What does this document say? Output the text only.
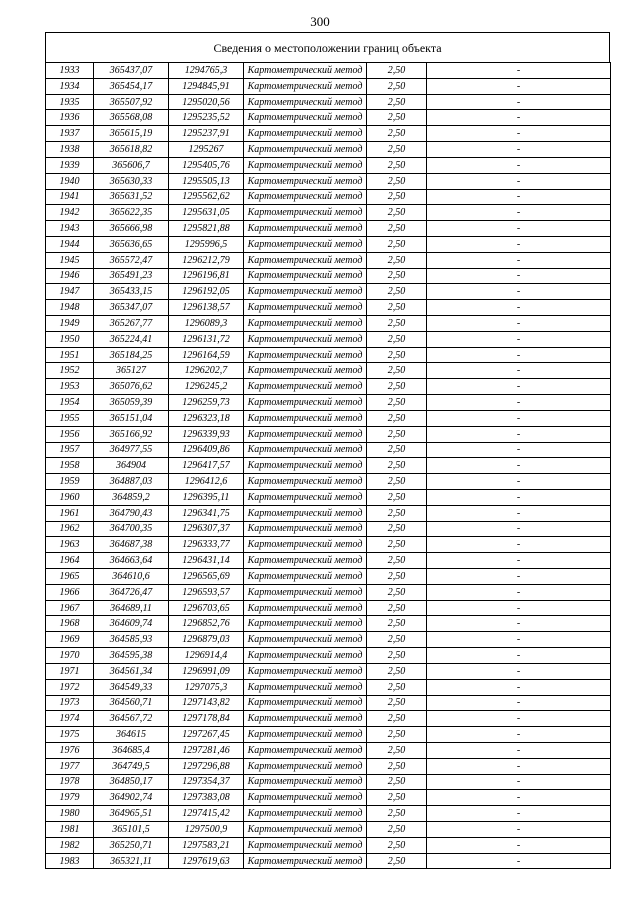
300
Сведения о местоположении границ объекта
1933	365437,07	1294765,3	Картометрический метод	2,50	-
1934	365454,17	1294845,91	Картометрический метод	2,50	-
1935	365507,92	1295020,56	Картометрический метод	2,50	-
1936	365568,08	1295235,52	Картометрический метод	2,50	-
1937	365615,19	1295237,91	Картометрический метод	2,50	-
1938	365618,82	1295267	Картометрический метод	2,50	-
1939	365606,7	1295405,76	Картометрический метод	2,50	-
1940	365630,33	1295505,13	Картометрический метод	2,50	-
1941	365631,52	1295562,62	Картометрический метод	2,50	-
1942	365622,35	1295631,05	Картометрический метод	2,50	-
1943	365666,98	1295821,88	Картометрический метод	2,50	-
1944	365636,65	1295996,5	Картометрический метод	2,50	-
1945	365572,47	1296212,79	Картометрический метод	2,50	-
1946	365491,23	1296196,81	Картометрический метод	2,50	-
1947	365433,15	1296192,05	Картометрический метод	2,50	-
1948	365347,07	1296138,57	Картометрический метод	2,50	-
1949	365267,77	1296089,3	Картометрический метод	2,50	-
1950	365224,41	1296131,72	Картометрический метод	2,50	-
1951	365184,25	1296164,59	Картометрический метод	2,50	-
1952	365127	1296202,7	Картометрический метод	2,50	-
1953	365076,62	1296245,2	Картометрический метод	2,50	-
1954	365059,39	1296259,73	Картометрический метод	2,50	-
1955	365151,04	1296323,18	Картометрический метод	2,50	-
1956	365166,92	1296339,93	Картометрический метод	2,50	-
1957	364977,55	1296409,86	Картометрический метод	2,50	-
1958	364904	1296417,57	Картометрический метод	2,50	-
1959	364887,03	1296412,6	Картометрический метод	2,50	-
1960	364859,2	1296395,11	Картометрический метод	2,50	-
1961	364790,43	1296341,75	Картометрический метод	2,50	-
1962	364700,35	1296307,37	Картометрический метод	2,50	-
1963	364687,38	1296333,77	Картометрический метод	2,50	-
1964	364663,64	1296431,14	Картометрический метод	2,50	-
1965	364610,6	1296565,69	Картометрический метод	2,50	-
1966	364726,47	1296593,57	Картометрический метод	2,50	-
1967	364689,11	1296703,65	Картометрический метод	2,50	-
1968	364609,74	1296852,76	Картометрический метод	2,50	-
1969	364585,93	1296879,03	Картометрический метод	2,50	-
1970	364595,38	1296914,4	Картометрический метод	2,50	-
1971	364561,34	1296991,09	Картометрический метод	2,50	-
1972	364549,33	1297075,3	Картометрический метод	2,50	-
1973	364560,71	1297143,82	Картометрический метод	2,50	-
1974	364567,72	1297178,84	Картометрический метод	2,50	-
1975	364615	1297267,45	Картометрический метод	2,50	-
1976	364685,4	1297281,46	Картометрический метод	2,50	-
1977	364749,5	1297296,88	Картометрический метод	2,50	-
1978	364850,17	1297354,37	Картометрический метод	2,50	-
1979	364902,74	1297383,08	Картометрический метод	2,50	-
1980	364965,51	1297415,42	Картометрический метод	2,50	-
1981	365101,5	1297500,9	Картометрический метод	2,50	-
1982	365250,71	1297583,21	Картометрический метод	2,50	-
1983	365321,11	1297619,63	Картометрический метод	2,50	-
